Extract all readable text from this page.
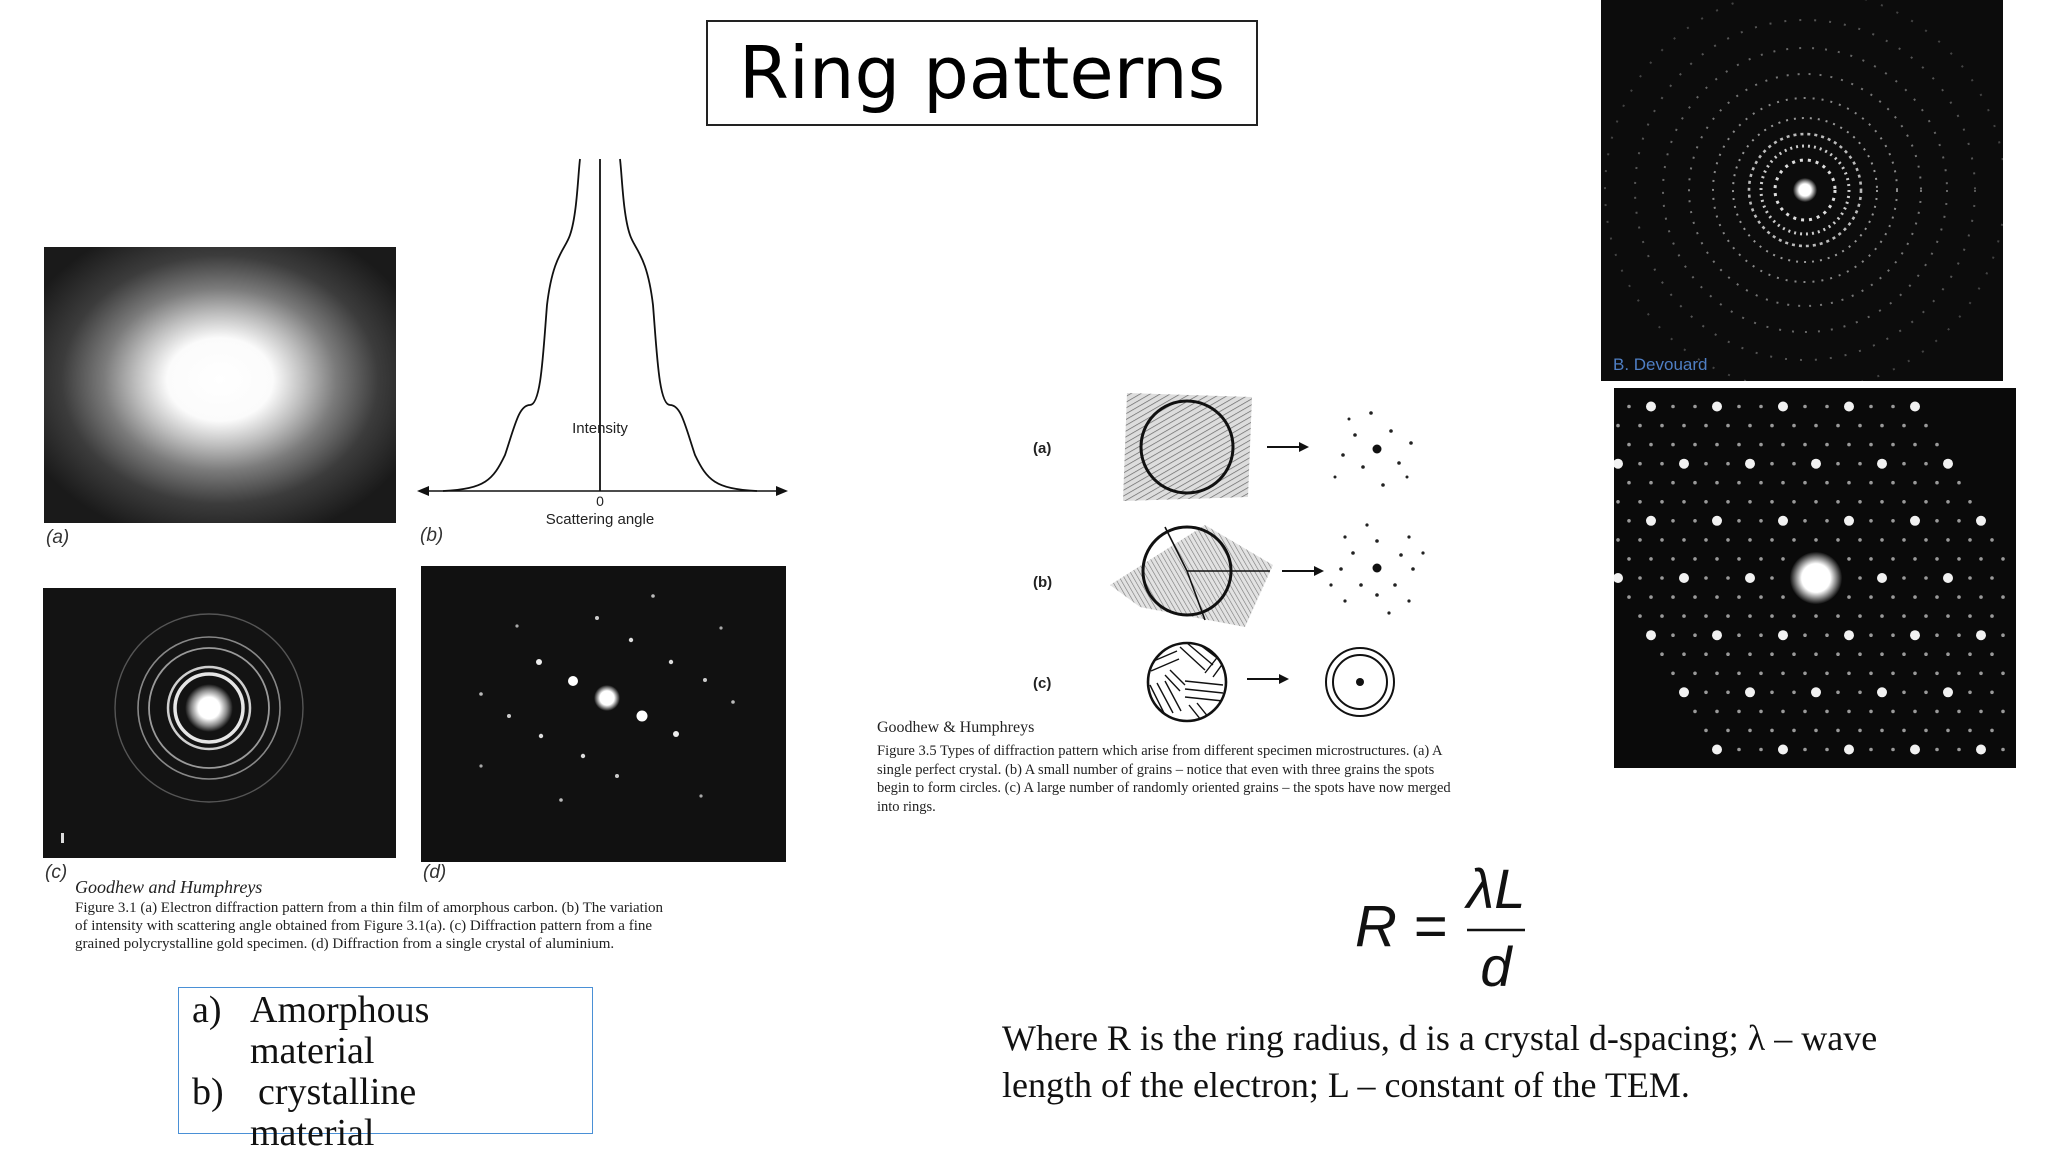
Ring patterns
(a)
Intensity
0
Scattering angle
(b)
(c)	(d)
Goodhew and Humphreys
Figure 3.1 (a) Electron diffraction pattern from a thin film of amorphous carbon. (b) The variation
of intensity with scattering angle obtained from Figure 3.1(a). (c) Diffraction pattern from a fine
grained polycrystalline gold specimen. (d) Diffraction from a single crystal of aluminium.
a) Amorphous
material
b) crystalline
material
(a)
(b)
(c)
Goodhew & Humphreys
Figure 3.5 Types of diffraction pattern which arise from different specimen microstructures. (a) A
single perfect crystal. (b) A small number of grains – notice that even with three grains the spots
begin to form circles. (c) A large number of randomly oriented grains – the spots have now merged
into rings.
B. Devouard
R =
λL
d
Where R is the ring radius, d is a crystal d-spacing; λ – wave
length of the electron; L – constant of the TEM.
